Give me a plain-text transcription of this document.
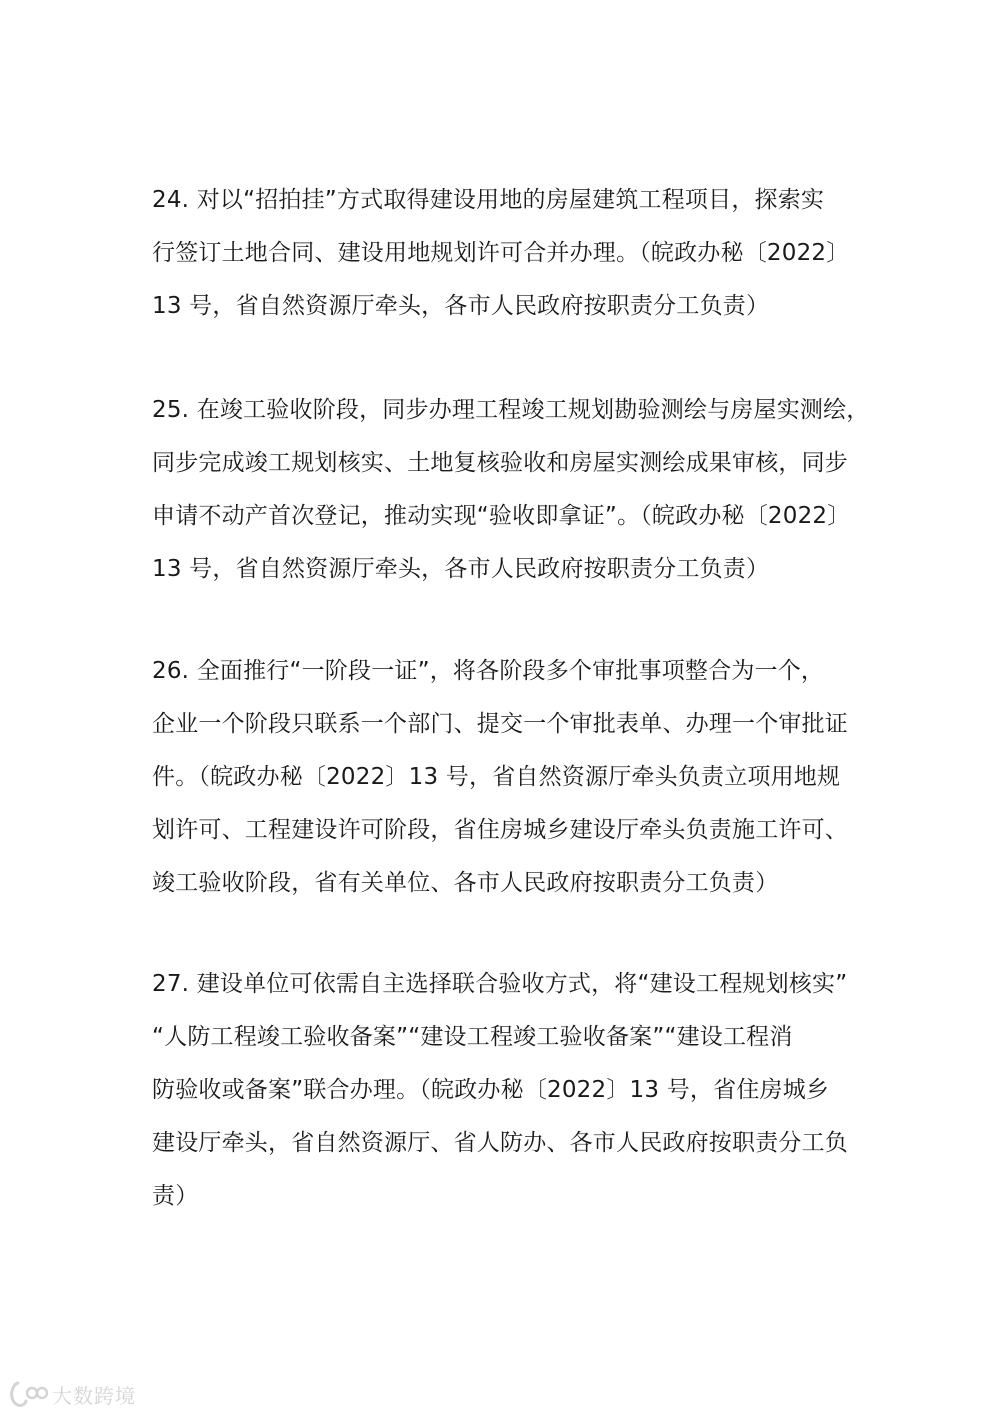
24. 对以“招拍挂”方式取得建设用地的房屋建筑工程项目，探索实
行签订土地合同、建设用地规划许可合并办理。（皖政办秘〔2022〕
13 号，省自然资源厅牵头，各市人民政府按职责分工负责）
25. 在竣工验收阶段，同步办理工程竣工规划勘验测绘与房屋实测绘，
同步完成竣工规划核实、土地复核验收和房屋实测绘成果审核，同步
申请不动产首次登记，推动实现“验收即拿证”。（皖政办秘〔2022〕
13 号，省自然资源厅牵头，各市人民政府按职责分工负责）
26. 全面推行“一阶段一证”，将各阶段多个审批事项整合为一个，
企业一个阶段只联系一个部门、提交一个审批表单、办理一个审批证
件。（皖政办秘〔2022〕13 号，省自然资源厅牵头负责立项用地规
划许可、工程建设许可阶段，省住房城乡建设厅牵头负责施工许可、
竣工验收阶段，省有关单位、各市人民政府按职责分工负责）
27. 建设单位可依需自主选择联合验收方式，将“建设工程规划核实”
“人防工程竣工验收备案”“建设工程竣工验收备案”“建设工程消
防验收或备案”联合办理。（皖政办秘〔2022〕13 号，省住房城乡
建设厅牵头，省自然资源厅、省人防办、各市人民政府按职责分工负
责）
大数跨境
